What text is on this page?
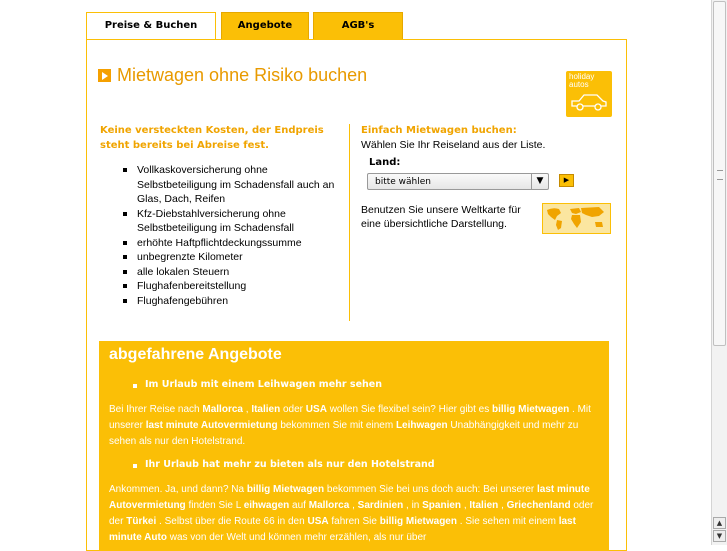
Preise & Buchen	Angebote	AGB's
Mietwagen ohne Risiko buchen	holiday autos
Keine versteckten Kosten, der Endpreis steht bereits bei Abreise fest.
Vollkaskoversicherung ohne Selbstbeteiligung im Schadensfall auch an Glas, Dach, Reifen
Kfz-Diebstahlversicherung ohne Selbstbeteiligung im Schadensfall
erhöhte Haftpflichtdeckungssumme
unbegrenzte Kilometer
alle lokalen Steuern
Flughafenbereitstellung
Flughafengebühren
Einfach Mietwagen buchen:
Wählen Sie Ihr Reiseland aus der Liste.
Land:
bitte wählen	▼	▶
Benutzen Sie unsere Weltkarte für eine übersichtliche Darstellung.
abgefahrene Angebote
Im Urlaub mit einem Leihwagen mehr sehen
Bei Ihrer Reise nach Mallorca , Italien oder USA wollen Sie flexibel sein? Hier gibt es billig Mietwagen . Mit unserer last minute Autovermietung bekommen Sie mit einem Leihwagen Unabhängigkeit und mehr zu sehen als nur den Hotelstrand.
Ihr Urlaub hat mehr zu bieten als nur den Hotelstrand
Ankommen. Ja, und dann? Na billig Mietwagen bekommen Sie bei uns doch auch: Bei unserer last minute Autovermietung finden Sie L eihwagen auf Mallorca , Sardinien , in Spanien , Italien , Griechenland oder der Türkei . Selbst über die Route 66 in den USA fahren Sie billig Mietwagen . Sie sehen mit einem last minute Auto was von der Welt und können mehr erzählen, als nur über
▲
▼
